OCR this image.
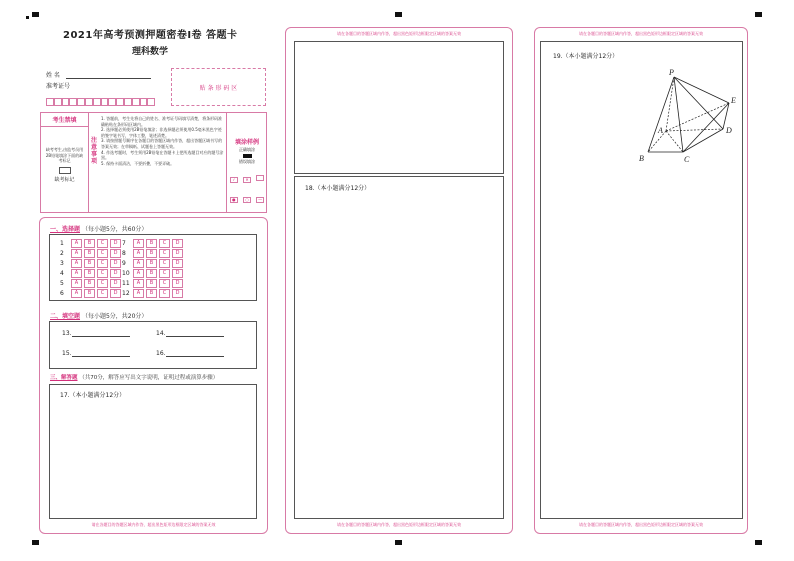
2021年高考预测押题密卷Ⅰ卷 答题卡
理科数学
姓 名
准考证号	贴 条 形 码 区
考生禁填
缺考考生,由监考员用2B铅笔填涂下面的缺考标记
缺考标记
注意事项
1. 答题前，考生先将自己的姓名、准考证号码填写清楚，将条形码准确粘贴在条形码区域内。
2. 选择题必须使用2B铅笔填涂；非选择题必须使用0.5毫米黑色字迹的签字笔书写，字体工整，笔迹清楚。
3. 请按照题号顺序在各题目的答题区域内作答，超出答题区域书写的答案无效；在草稿纸、试题卷上答题无效。
4. 作选考题时，考生须用2B铅笔在答题卡上把所选题目对应的题号涂黑。
5. 保持卡面清洁，不要折叠，不要弄破。
填涂样例
正确填涂
错误填涂
✓ ✕
● ○ —
一、选择题 （每小题5分，共60分）
1	A	B	C	D
2	A	B	C	D
3	A	B	C	D
4	A	B	C	D
5	A	B	C	D
6	A	B	C	D
7	A	B	C	D
8	A	B	C	D
9	A	B	C	D
10	A	B	C	D
11	A	B	C	D
12	A	B	C	D
二、填空题 （每小题5分，共20分）
13.	14.
15.	16.
三、解答题 （共70分，解答应写出文字说明，证明过程或演算步骤）
17.（本小题满分12分）
请在各题目的答题区域内作答，超出黑色矩形边框限定区域的答案无效
请在各题目的答题区域内作答，超出黑色矩形边框限定区域的答案无效
18.（本小题满分12分）
请在各题目的答题区域内作答，超出黑色矩形边框限定区域的答案无效
请在各题目的答题区域内作答，超出黑色矩形边框限定区域的答案无效
19.（本小题满分12分）
P
E
A	D
B	C
请在各题目的答题区域内作答，超出黑色矩形边框限定区域的答案无效
